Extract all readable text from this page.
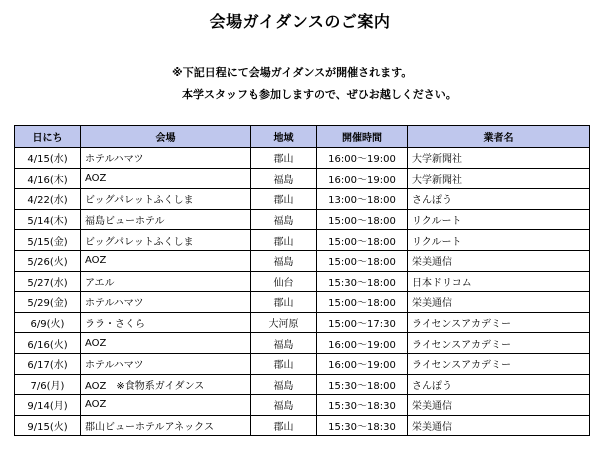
会場ガイダンスのご案内
※下記日程にて会場ガイダンスが開催されます。
本学スタッフも参加しますので、ぜひお越しください。
日にち	会場	地域	開催時間	業者名
4/15(水)	ホテルハマツ	郡山	16:00～19:00	大学新聞社
4/16(木)	AOZ	福島	16:00～19:00	大学新聞社
4/22(水)	ビッグパレットふくしま	郡山	13:00～18:00	さんぽう
5/14(木)	福島ビューホテル	福島	15:00～18:00	リクルート
5/15(金)	ビッグパレットふくしま	郡山	15:00～18:00	リクルート
5/26(火)	AOZ	福島	15:00～18:00	栄美通信
5/27(水)	アエル	仙台	15:30～18:00	日本ドリコム
5/29(金)	ホテルハマツ	郡山	15:00～18:00	栄美通信
6/9(火)	ララ・さくら	大河原	15:00～17:30	ライセンスアカデミー
6/16(火)	AOZ	福島	16:00～19:00	ライセンスアカデミー
6/17(水)	ホテルハマツ	郡山	16:00～19:00	ライセンスアカデミー
7/6(月)	AOZ　※食物系ガイダンス	福島	15:30～18:00	さんぽう
9/14(月)	AOZ	福島	15:30～18:30	栄美通信
9/15(火)	郡山ビューホテルアネックス	郡山	15:30～18:30	栄美通信
